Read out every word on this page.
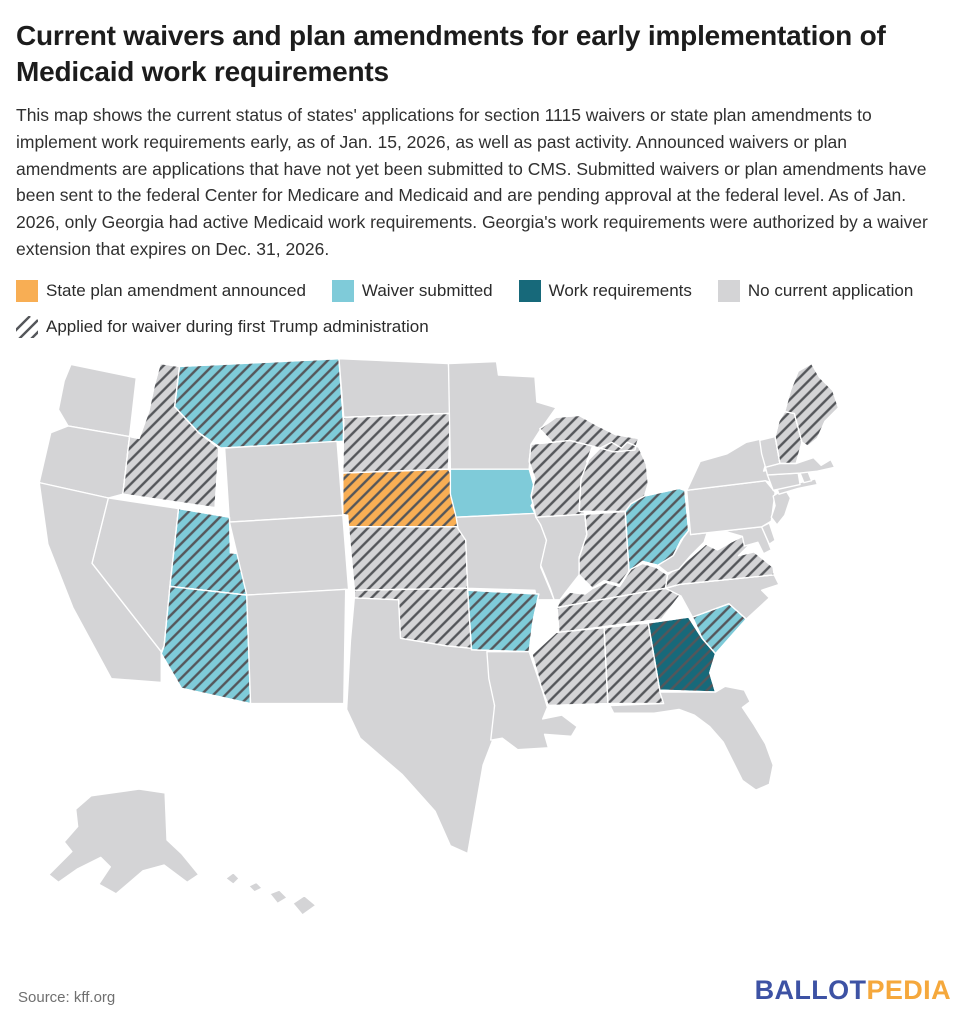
Current waivers and plan amendments for early implementation of Medicaid work requirements

This map shows the current status of states' applications for section 1115 waivers or state plan amendments to implement work requirements early, as of Jan. 15, 2026, as well as past activity. Announced waivers or plan amendments are applications that have not yet been submitted to CMS. Submitted waivers or plan amendments have been sent to the federal Center for Medicare and Medicaid and are pending approval at the federal level. As of Jan. 2026, only Georgia had active Medicaid work requirements. Georgia's work requirements were authorized by a waiver extension that expires on Dec. 31, 2026.

State plan amendment announced	Waiver submitted	Work requirements	No current application
Applied for waiver during first Trump administration
Source: kff.org	BALLOTPEDIA
